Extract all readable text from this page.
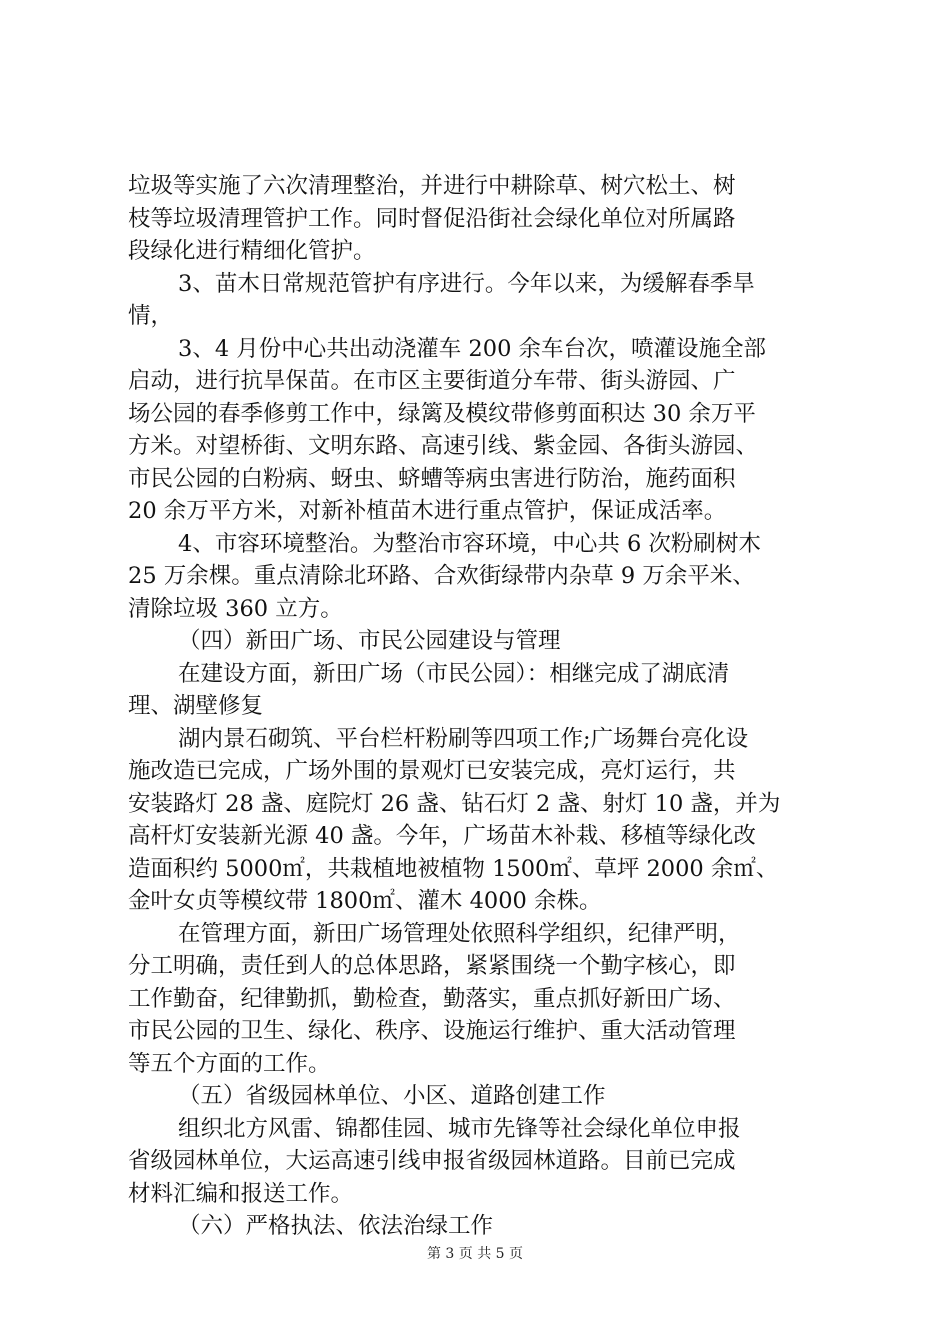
垃圾等实施了六次清理整治，并进行中耕除草、树穴松土、树
枝等垃圾清理管护工作。同时督促沿街社会绿化单位对所属路
段绿化进行精细化管护。
3、苗木日常规范管护有序进行。今年以来，为缓解春季旱
情，
3、4 月份中心共出动浇灌车 200 余车台次，喷灌设施全部
启动，进行抗旱保苗。在市区主要街道分车带、街头游园、广
场公园的春季修剪工作中，绿篱及模纹带修剪面积达 30 余万平
方米。对望桥街、文明东路、高速引线、紫金园、各街头游园、
市民公园的白粉病、蚜虫、蛴螬等病虫害进行防治，施药面积
20 余万平方米，对新补植苗木进行重点管护，保证成活率。
4、市容环境整治。为整治市容环境，中心共 6 次粉刷树木
25 万余棵。重点清除北环路、合欢街绿带内杂草 9 万余平米、
清除垃圾 360 立方。
（四）新田广场、市民公园建设与管理
在建设方面，新田广场（市民公园）：相继完成了湖底清
理、湖壁修复
湖内景石砌筑、平台栏杆粉刷等四项工作;广场舞台亮化设
施改造已完成，广场外围的景观灯已安装完成，亮灯运行，共
安装路灯 28 盏、庭院灯 26 盏、钻石灯 2 盏、射灯 10 盏，并为
高杆灯安装新光源 40 盏。今年，广场苗木补栽、移植等绿化改
造面积约 5000㎡，共栽植地被植物 1500㎡、草坪 2000 余㎡、
金叶女贞等模纹带 1800㎡、灌木 4000 余株。
在管理方面，新田广场管理处依照科学组织，纪律严明，
分工明确，责任到人的总体思路，紧紧围绕一个勤字核心，即
工作勤奋，纪律勤抓，勤检查，勤落实，重点抓好新田广场、
市民公园的卫生、绿化、秩序、设施运行维护、重大活动管理
等五个方面的工作。
（五）省级园林单位、小区、道路创建工作
组织北方风雷、锦都佳园、城市先锋等社会绿化单位申报
省级园林单位，大运高速引线申报省级园林道路。目前已完成
材料汇编和报送工作。
（六）严格执法、依法治绿工作
第 3 页 共 5 页
